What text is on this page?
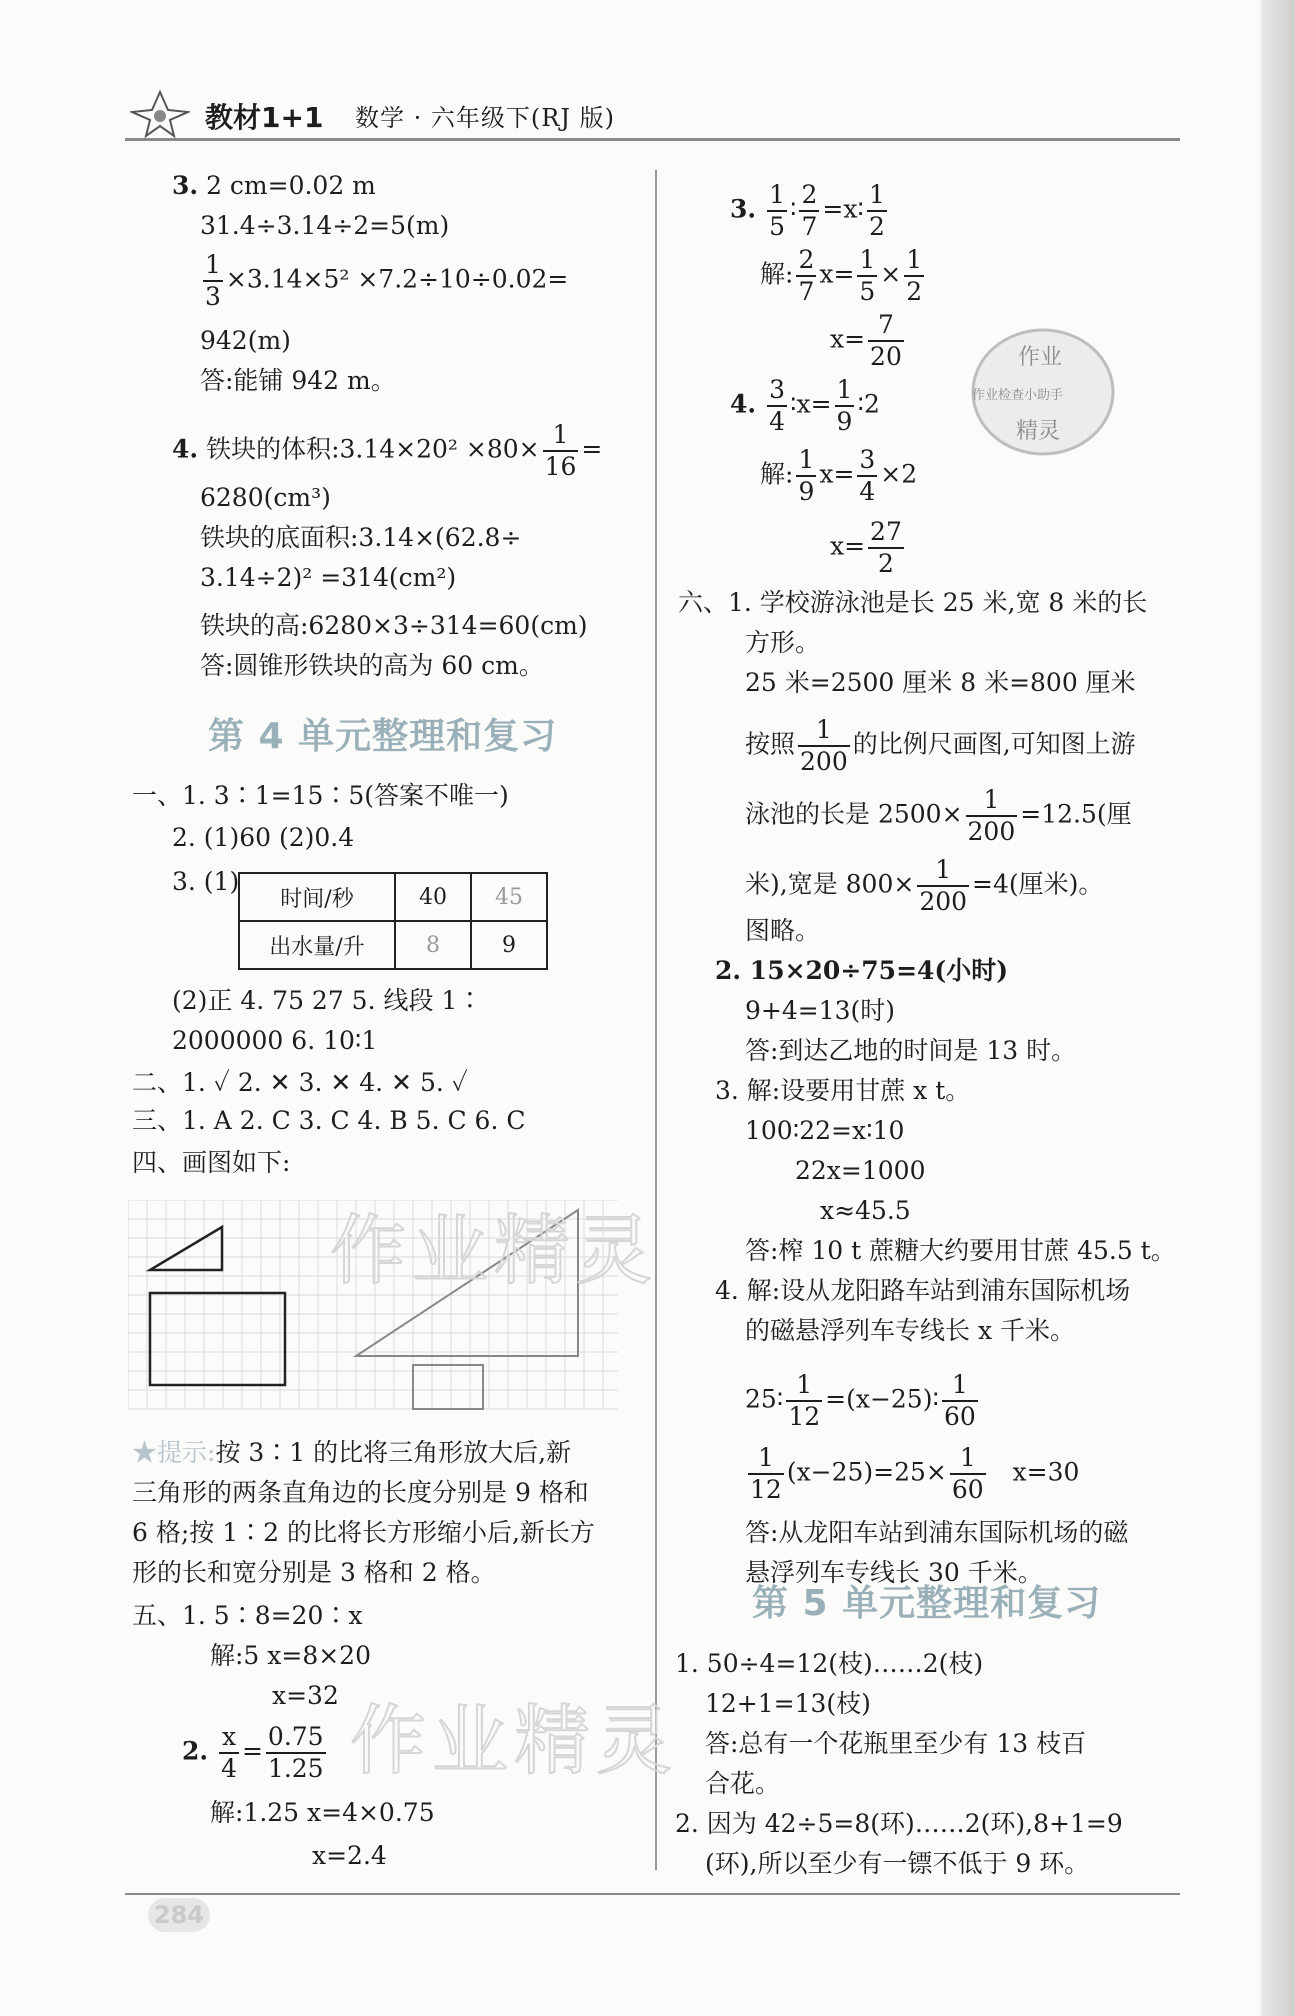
教材1+1 数学 · 六年级下(RJ 版)
3. 2 cm=0.02 m
31.4÷3.14÷2=5(m)
$\frac{1}{3} \times 3.14\times 5^2 \times 7.2\div 10\div 0.02=$
942(m)
答:能铺 942 m。
4. 铁块的体积:3.14×20² $\times 80\times \frac{1}{16}$ =
6280(cm³)
铁块的底面积:3.14×(62.8÷
3.14÷2)² =314(cm²)
铁块的高:6280×3÷314=60(cm)
答:圆锥形铁块的高为 60 cm。
第 4 单元整理和复习
一、1. 3∶1=15∶5(答案不唯一)
2. (1)60 (2)0.4
3. (1)
时间/秒	40	45
出水量/升	8	9
(2)正 4. 75 27 5. 线段 1∶
2000000 6. 10∶1
二、1. ✓ 2. ✕ 3. ✕ 4. ✕ 5. ✓
三、1. A 2. C 3. C 4. B 5. C 6. C
四、画图如下:
作业精灵
★提示:按 3∶1 的比将三角形放大后,新
三角形的两条直角边的长度分别是 9 格和
6 格;按 1∶2 的比将长方形缩小后,新长方
形的长和宽分别是 3 格和 2 格。
五、1. 5∶8=20∶x
解:5 x=8×20
x=32
2. $\frac{x}{4} = \frac{0.75}{1.25}$ 作业精灵
解:1.25 x=4×0.75
x=2.4
3. $\frac{1}{5}$ ∶ $\frac{2}{7}$ =x∶ $\frac{1}{2}$
解: $\frac{2}{7} x= \frac{1}{5} \times \frac{1}{2}$
$x= \frac{7}{20}$	作业
作业检查小助手
精灵
4. $\frac{3}{4}$ ∶x= $\frac{1}{9}$ ∶2
解: $\frac{1}{9} x= \frac{3}{4} \times 2$
$x= \frac{27}{2}$
六、1. 学校游泳池是长 25 米,宽 8 米的长
方形。
25 米=2500 厘米 8 米=800 厘米
按照 $\frac{1}{200}$ 的比例尺画图,可知图上游
泳池的长是 $2500\times \frac{1}{200} =12.5$(厘
米),宽是 $800\times \frac{1}{200} =4$(厘米)。
图略。
2. 15×20÷75=4(小时)
9+4=13(时)
答:到达乙地的时间是 13 时。
3. 解:设要用甘蔗 x t。
100∶22=x∶10
22x=1000
x≈45.5
答:榨 10 t 蔗糖大约要用甘蔗 45.5 t。
4. 解:设从龙阳路车站到浦东国际机场
的磁悬浮列车专线长 x 千米。
25∶ $\frac{1}{12}$ =(x−25)∶ $\frac{1}{60}$
$\frac{1}{12} (x-25)=25\times \frac{1}{60} x=30$
答:从龙阳车站到浦东国际机场的磁
悬浮列车专线长 30 千米。
第 5 单元整理和复习
1. 50÷4=12(枝)……2(枝)
12+1=13(枝)
答:总有一个花瓶里至少有 13 枝百
合花。
2. 因为 42÷5=8(环)……2(环),8+1=9
(环),所以至少有一镖不低于 9 环。
284
